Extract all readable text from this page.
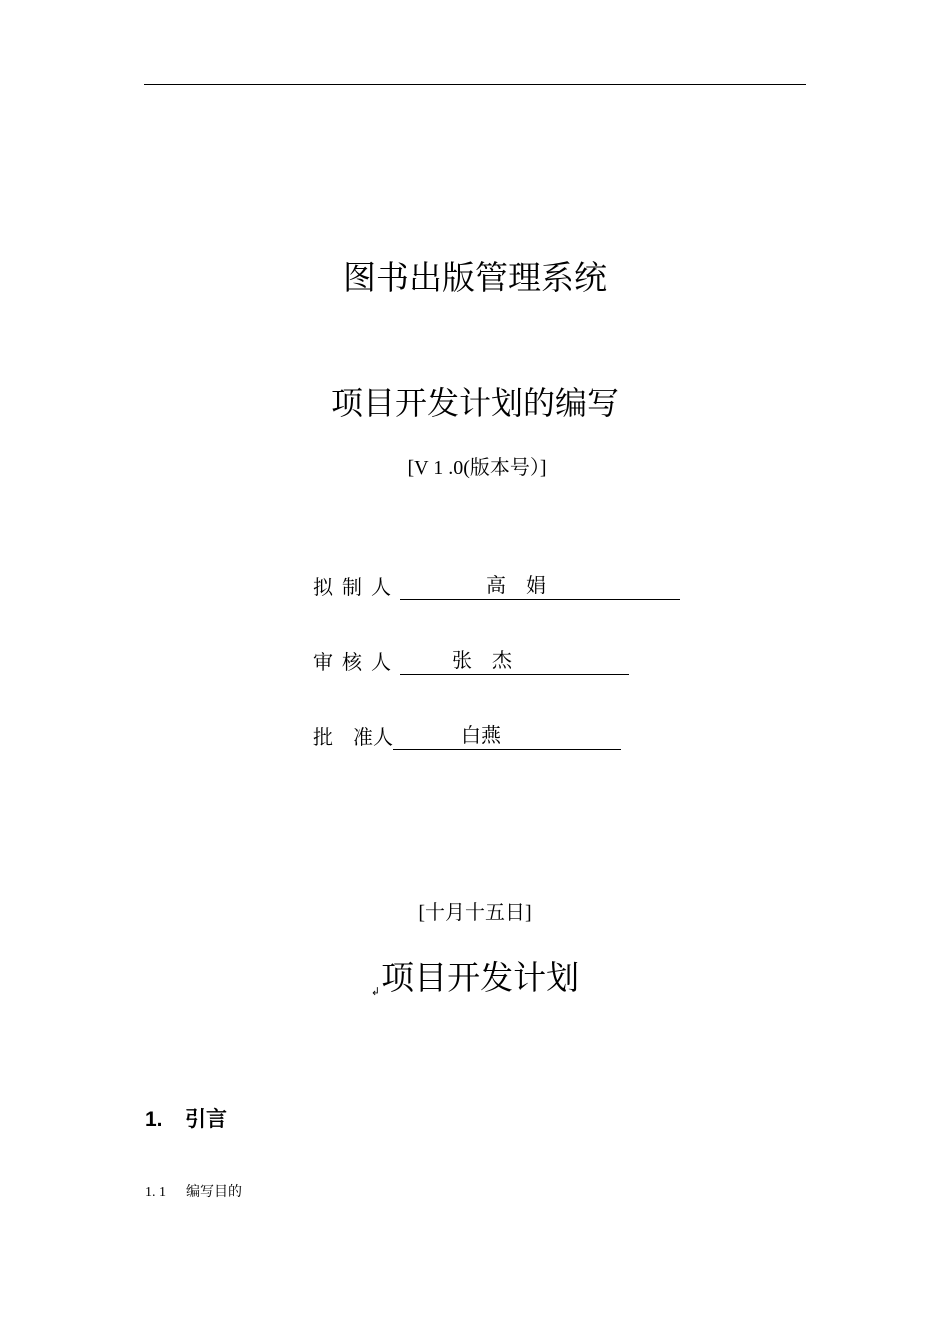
图书出版管理系统
项目开发计划的编写
[V 1 .0(版本号）]
拟制人	高　娟
审核人	张　杰
批　准人	白燕
[十月十五日]
↲项目开发计划
1. 引言
1. 1 编写目的
